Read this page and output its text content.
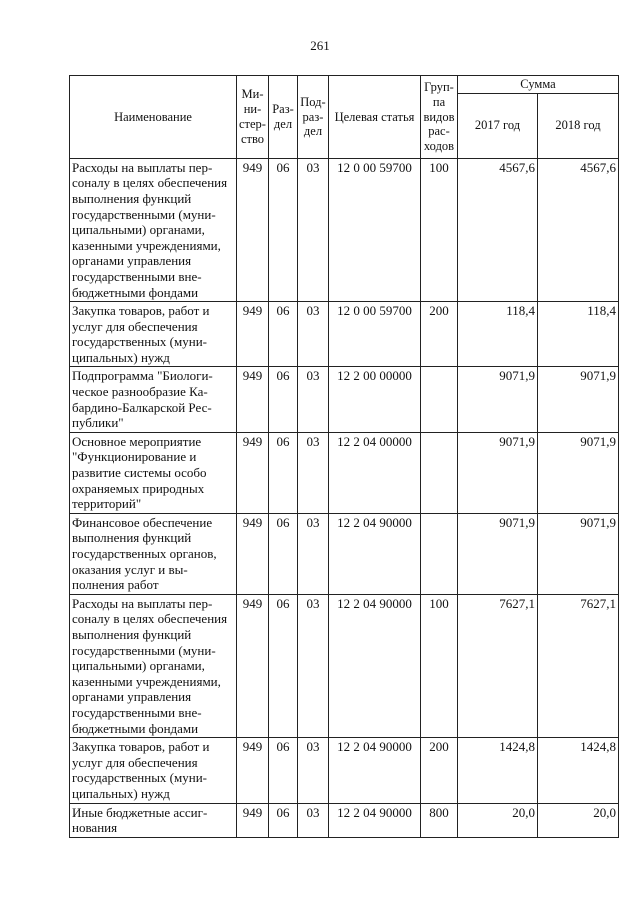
261
Наименование	Ми-ни-стер-ство	Раз-дел	Под-раз-дел	Целевая статья	Груп-па видов рас-ходов	Сумма	
						2017 год	2018 год
Расходы на выплаты персоналу в целях обеспечения выполнения функций государственными (муниципальными) органами, казенными учреждениями, органами управления государственными внебюджетными фондами	949	06	03	12 0 00 59700	100	4567,6	4567,6
Закупка товаров, работ и услуг для обеспечения государственных (муниципальных) нужд	949	06	03	12 0 00 59700	200	118,4	118,4
Подпрограмма "Биологическое разнообразие Кабардино-Балкарской Республики"	949	06	03	12 2 00 00000		9071,9	9071,9
Основное мероприятие "Функционирование и развитие системы особо охраняемых природных территорий"	949	06	03	12 2 04 00000		9071,9	9071,9
Финансовое обеспечение выполнения функций государственных органов, оказания услуг и выполнения работ	949	06	03	12 2 04 90000		9071,9	9071,9
Расходы на выплаты персоналу в целях обеспечения выполнения функций государственными (муниципальными) органами, казенными учреждениями, органами управления государственными внебюджетными фондами	949	06	03	12 2 04 90000	100	7627,1	7627,1
Закупка товаров, работ и услуг для обеспечения государственных (муниципальных) нужд	949	06	03	12 2 04 90000	200	1424,8	1424,8
Иные бюджетные ассигнования	949	06	03	12 2 04 90000	800	20,0	20,0
